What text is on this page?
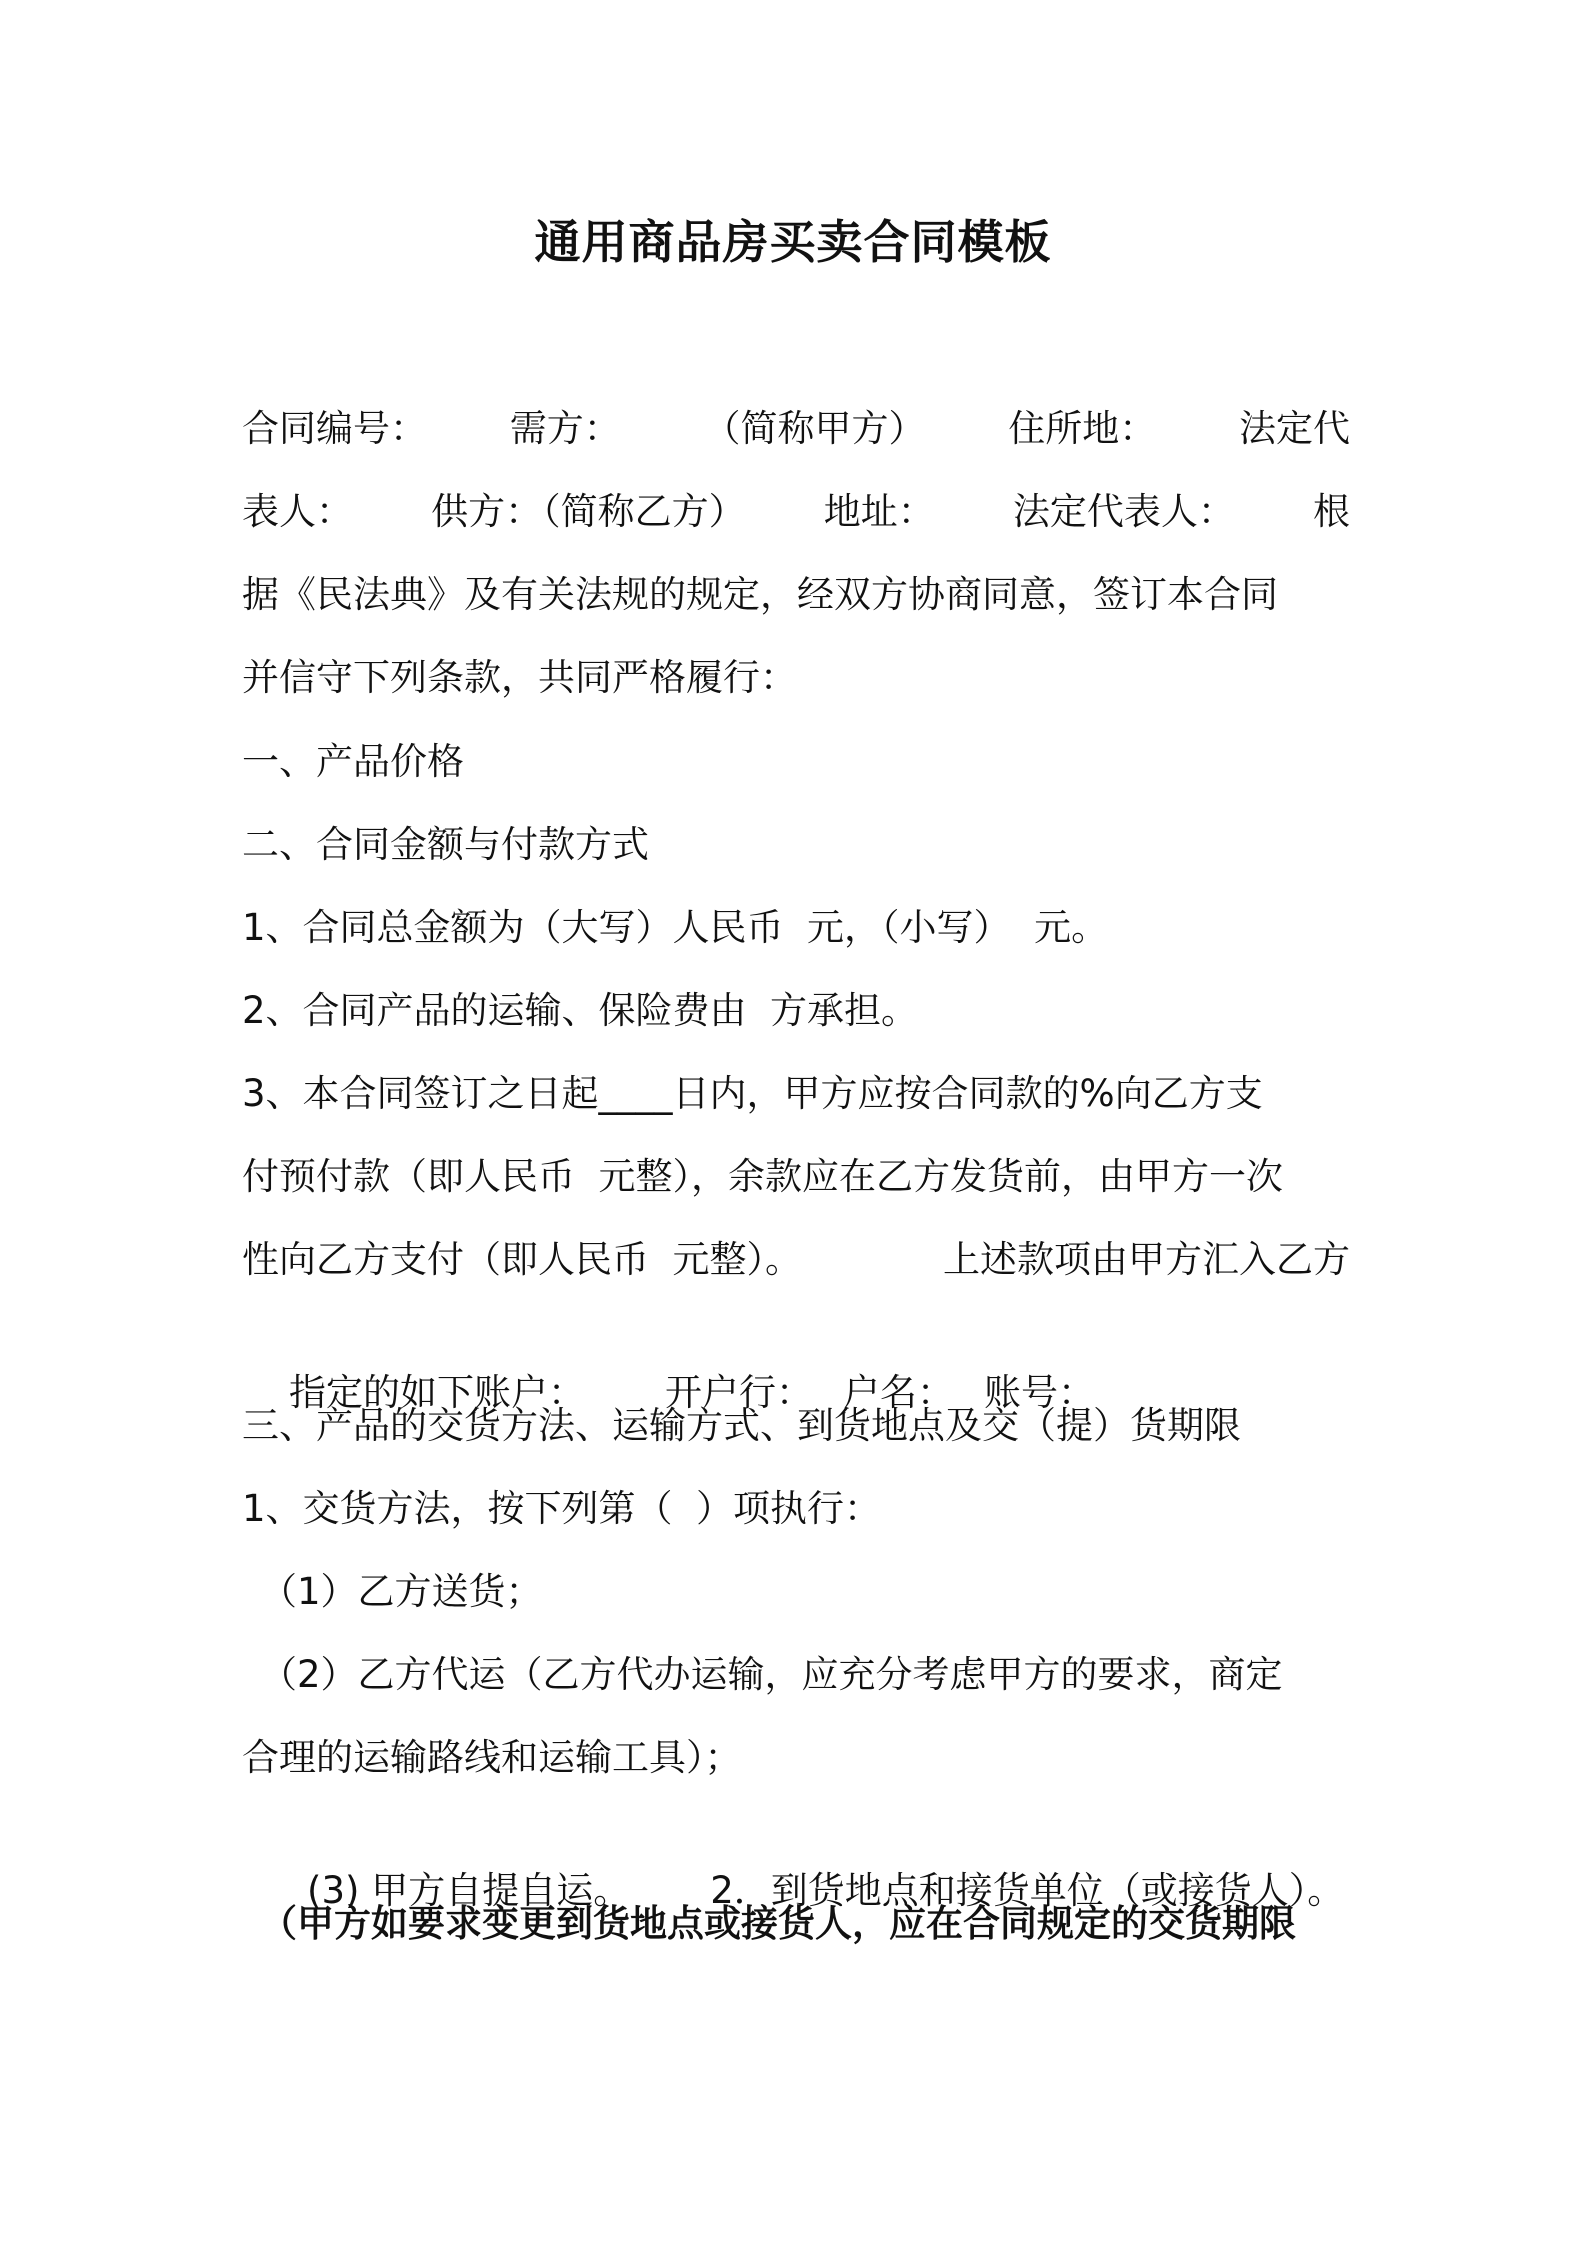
通用商品房买卖合同模板
合同编号： 需方： （简称甲方） 住所地： 法定代
表人： 供方：（简称乙方） 地址： 法定代表人： 根
据《民法典》及有关法规的规定，经双方协商同意，签订本合同
并信守下列条款，共同严格履行：
一、产品价格
二、合同金额与付款方式
1、合同总金额为（大写）人民币  元，（小写）  元。
2、合同产品的运输、保险费由  方承担。
3、本合同签订之日起____日内，甲方应按合同款的%向乙方支
付预付款（即人民币  元整），余款应在乙方发货前，由甲方一次
性向乙方支付（即人民币  元整）。	上述款项由甲方汇入乙方

指定的如下账户： 开户行： 户名： 账号：

三、产品的交货方法、运输方式、到货地点及交（提）货期限
1、交货方法，按下列第（  ）项执行：
（1）乙方送货；
（2）乙方代运（乙方代办运输，应充分考虑甲方的要求，商定
合理的运输路线和运输工具）；

(3) 甲方自提自运。 2．到货地点和接货单位（或接货人）。

（甲方如要求变更到货地点或接货人，应在合同规定的交货期限
